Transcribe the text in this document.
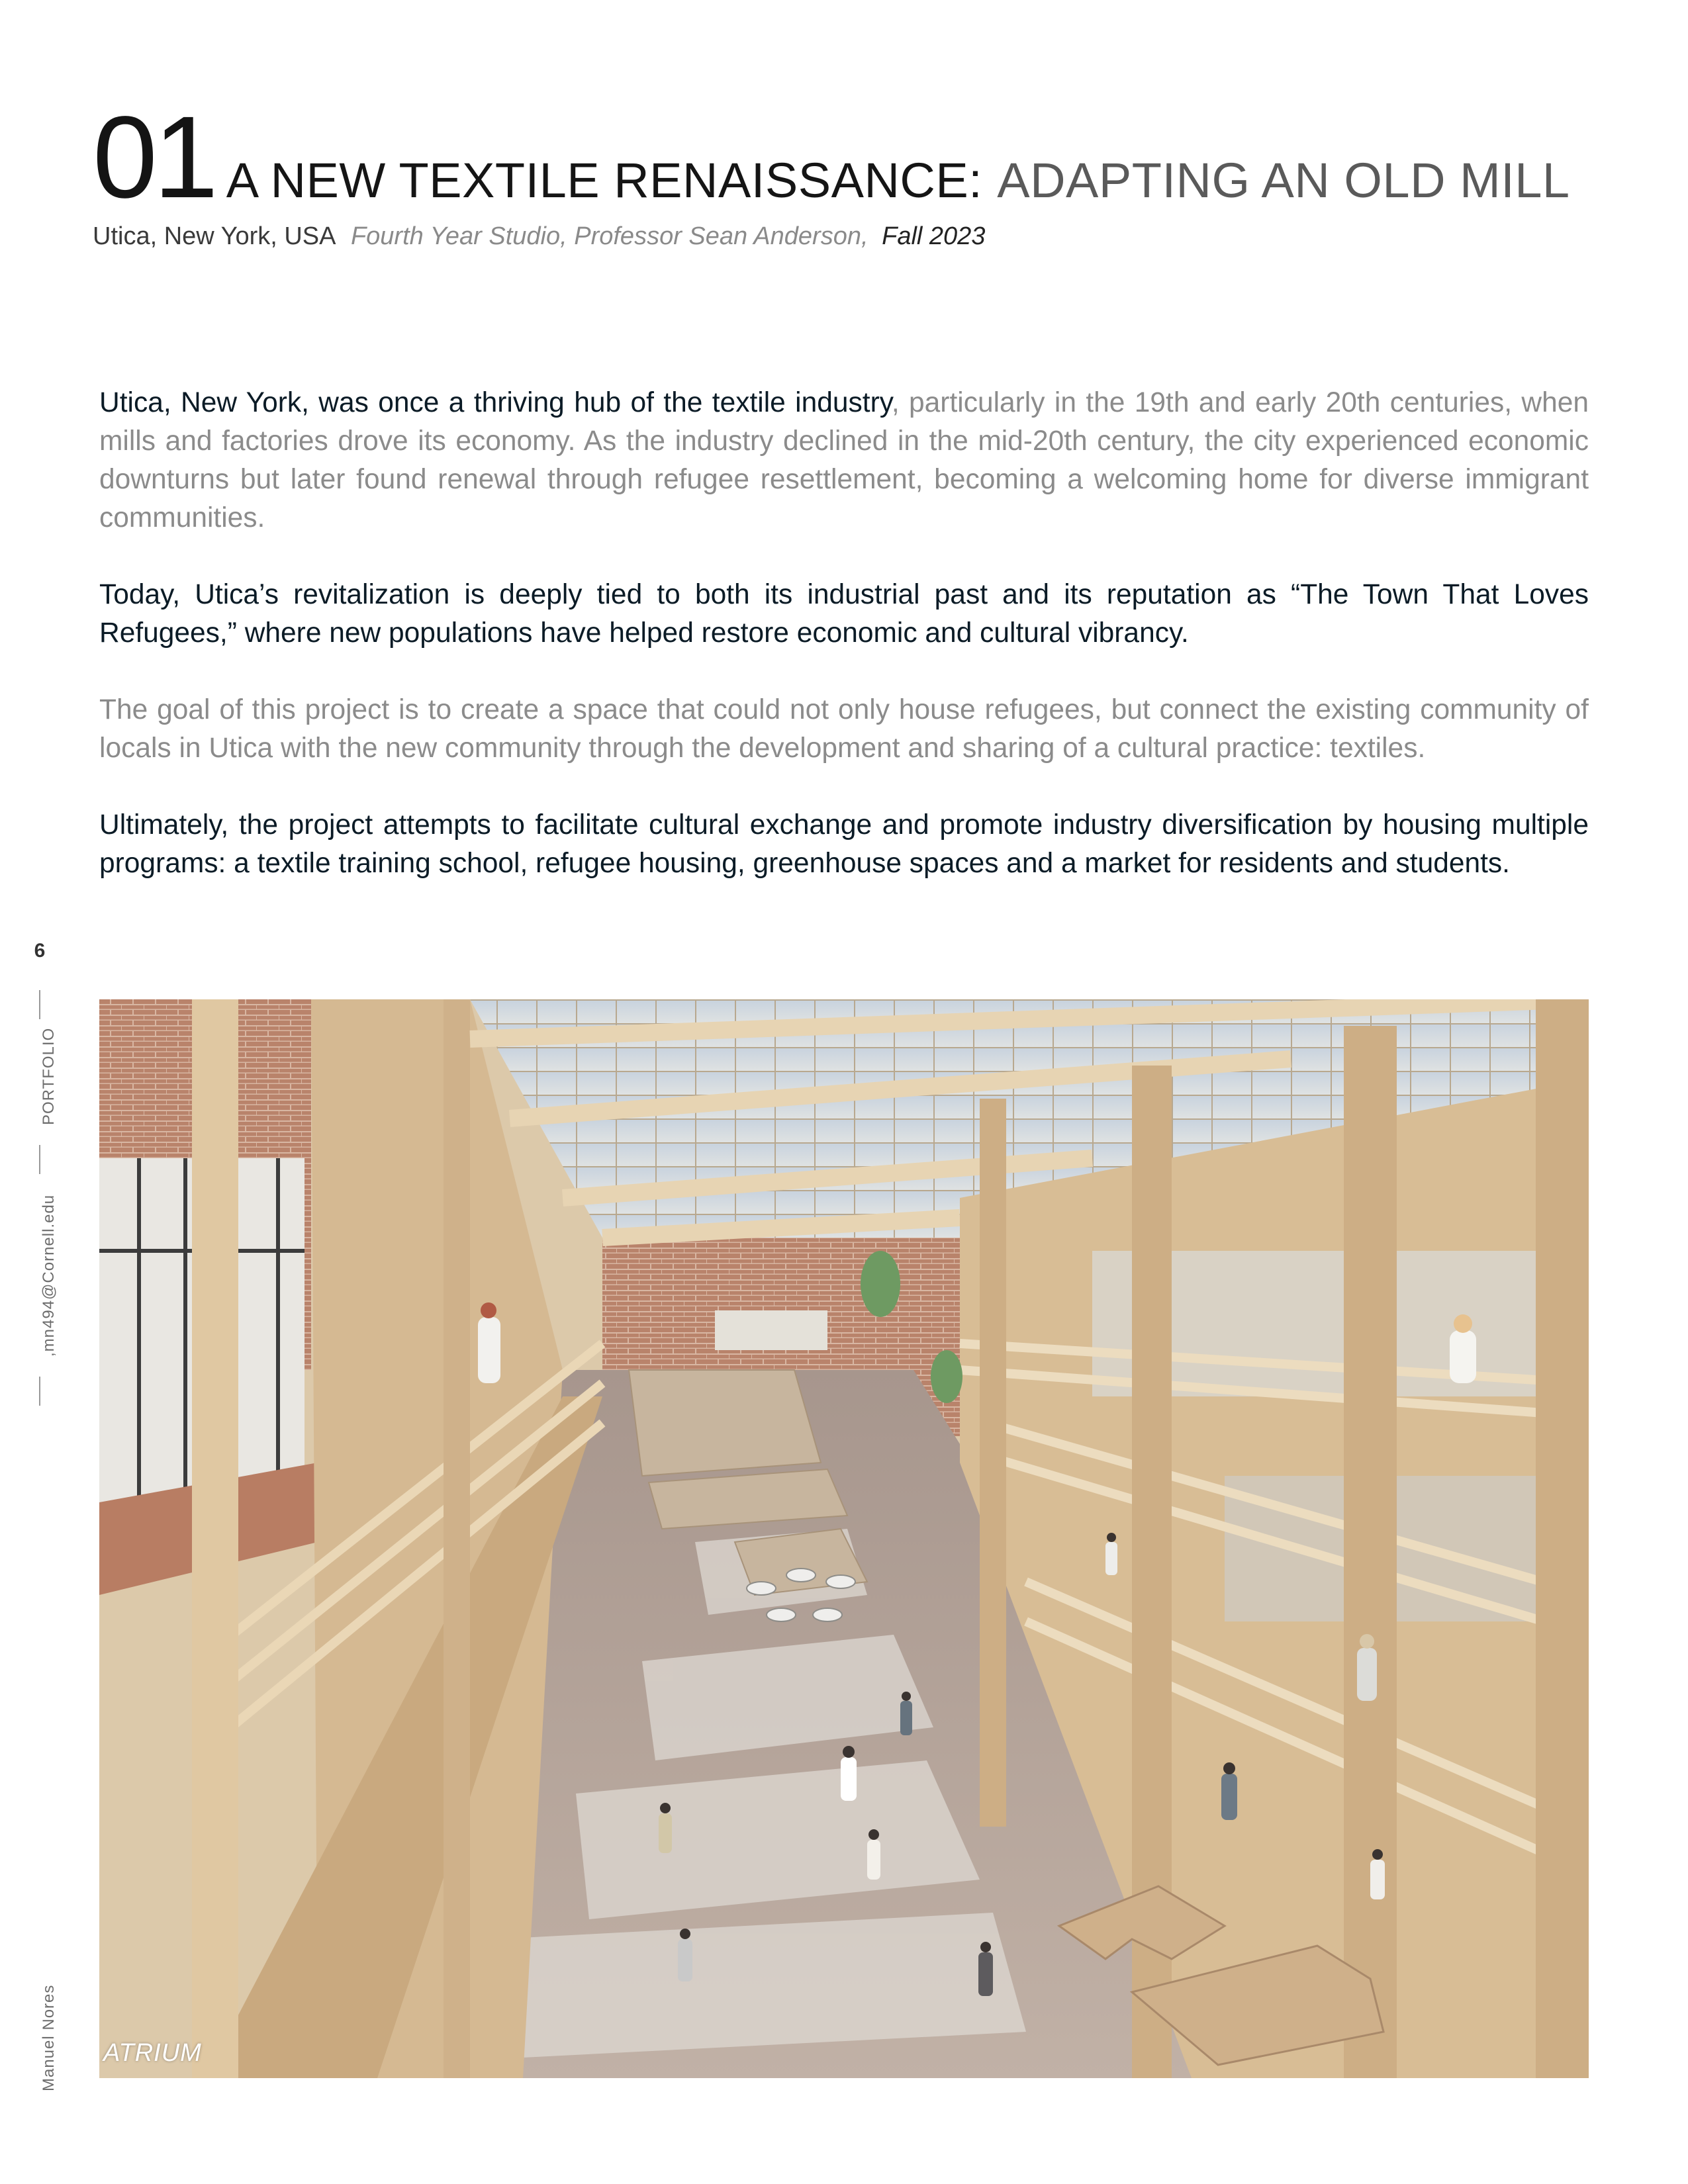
01 A NEW TEXTILE RENAISSANCE: ADAPTING AN OLD MILL
Utica, New York, USA Fourth Year Studio, Professor Sean Anderson, Fall 2023

Utica, New York, was once a thriving hub of the textile industry, particularly in the 19th and early 20th centuries, when mills and factories drove its economy. As the industry declined in the mid-20th century, the city experienced economic downturns but later found renewal through refugee resettlement, becoming a welcoming home for diverse immigrant communities.

Today, Utica’s revitalization is deeply tied to both its industrial past and its reputation as “The Town That Loves Refugees,” where new populations have helped restore economic and cultural vibrancy.

The goal of this project is to create a space that could not only house refugees, but connect the existing community of locals in Utica with the new community through the development and sharing of a cultural practice: textiles.

Ultimately, the project attempts to facilitate cultural exchange and promote industry diversification by housing multiple programs: a textile training school, refugee housing, greenhouse spaces and a market for residents and students.

6
PORTFOLIO
,mn494@Cornell.edu
Manuel Nores ATRIUM
